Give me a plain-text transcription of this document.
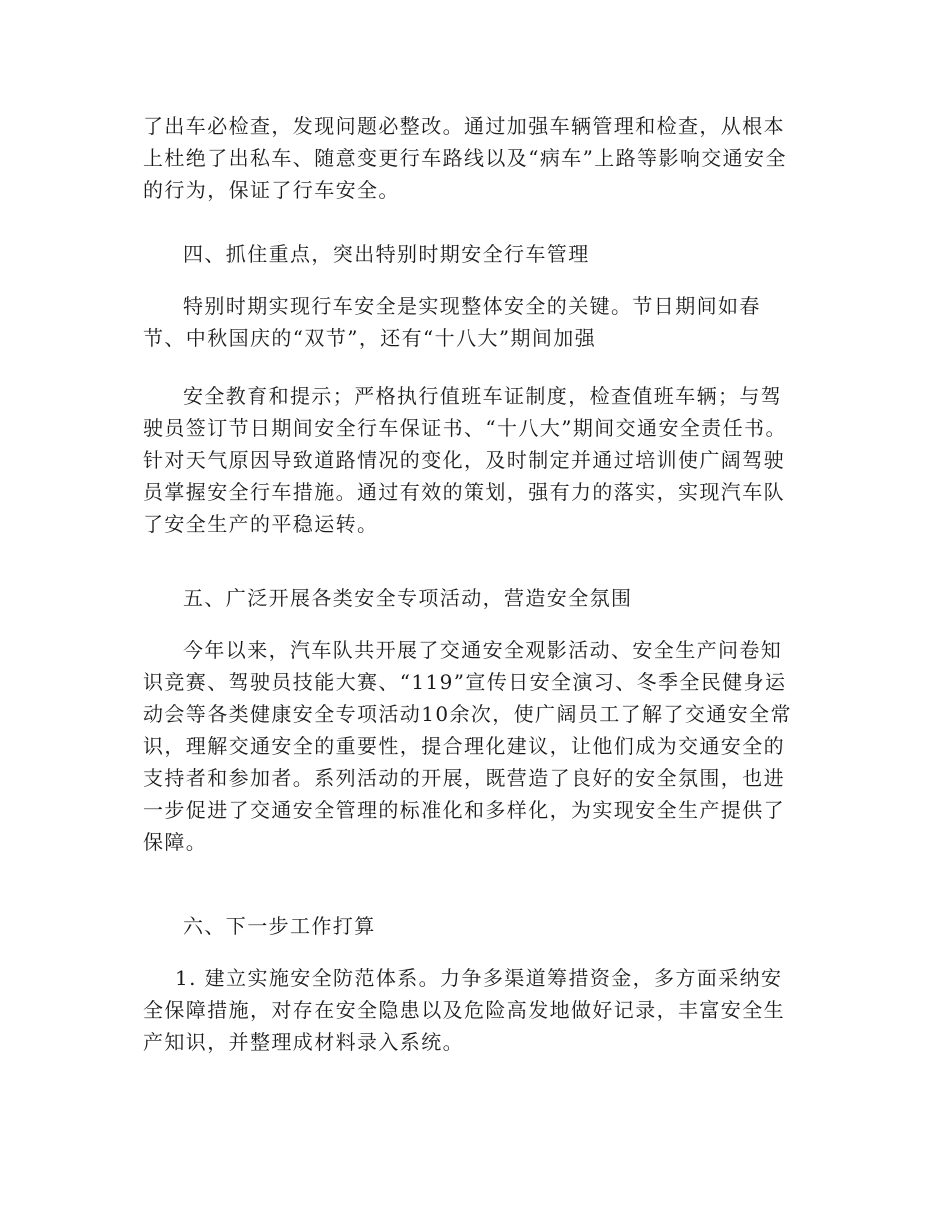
了出车必检查，发现问题必整改。通过加强车辆管理和检查，从根本上杜绝了出私车、随意变更行车路线以及“病车”上路等影响交通安全的行为，保证了行车安全。

四、抓住重点，突出特别时期安全行车管理

特别时期实现行车安全是实现整体安全的关键。节日期间如春节、中秋国庆的“双节”，还有“十八大”期间加强

安全教育和提示；严格执行值班车证制度，检查值班车辆；与驾驶员签订节日期间安全行车保证书、“十八大”期间交通安全责任书。针对天气原因导致道路情况的变化，及时制定并通过培训使广阔驾驶员掌握安全行车措施。通过有效的策划，强有力的落实，实现汽车队了安全生产的平稳运转。

五、广泛开展各类安全专项活动，营造安全氛围

今年以来，汽车队共开展了交通安全观影活动、安全生产问卷知识竞赛、驾驶员技能大赛、“119”宣传日安全演习、冬季全民健身运动会等各类健康安全专项活动10余次，使广阔员工了解了交通安全常识，理解交通安全的重要性，提合理化建议，让他们成为交通安全的支持者和参加者。系列活动的开展，既营造了良好的安全氛围，也进一步促进了交通安全管理的标准化和多样化，为实现安全生产提供了保障。

六、下一步工作打算

1. 建立实施安全防范体系。力争多渠道筹措资金，多方面采纳安全保障措施，对存在安全隐患以及危险高发地做好记录，丰富安全生产知识，并整理成材料录入系统。
